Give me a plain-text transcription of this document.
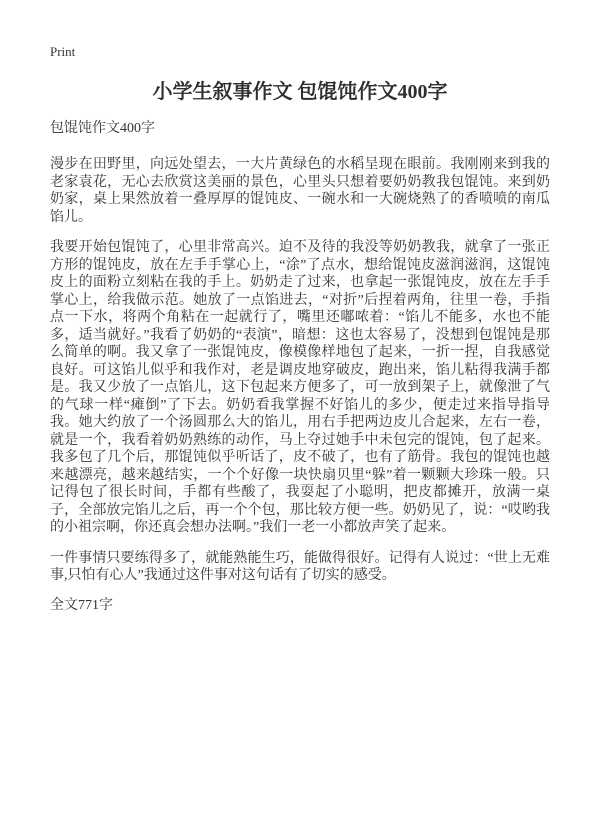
Print
小学生叙事作文 包馄饨作文400字
包馄饨作文400字

漫步在田野里，向远处望去，一大片黄绿色的水稻呈现在眼前。我刚刚来到我的老家袁花，无心去欣赏这美丽的景色，心里头只想着要奶奶教我包馄饨。来到奶奶家，桌上果然放着一叠厚厚的馄饨皮、一碗水和一大碗烧熟了的香喷喷的南瓜馅儿。

我要开始包馄饨了，心里非常高兴。迫不及待的我没等奶奶教我，就拿了一张正方形的馄饨皮，放在左手手掌心上，“涂”了点水，想给馄饨皮滋润滋润，这馄饨皮上的面粉立刻粘在我的手上。奶奶走了过来，也拿起一张馄饨皮，放在左手手掌心上，给我做示范。她放了一点馅进去，“对折”后捏着两角，往里一卷，手指点一下水，将两个角粘在一起就行了，嘴里还嘟哝着：“馅儿不能多，水也不能多，适当就好。”我看了奶奶的“表演”，暗想：这也太容易了，没想到包馄饨是那么简单的啊。我又拿了一张馄饨皮，像模像样地包了起来，一折一捏，自我感觉良好。可这馅儿似乎和我作对，老是调皮地穿破皮，跑出来，馅儿粘得我满手都是。我又少放了一点馅儿，这下包起来方便多了，可一放到架子上，就像泄了气的气球一样“瘫倒”了下去。奶奶看我掌握不好馅儿的多少，便走过来指导指导我。她大约放了一个汤圆那么大的馅儿，用右手把两边皮儿合起来，左右一卷，就是一个，我看着奶奶熟练的动作，马上夺过她手中未包完的馄饨，包了起来。我多包了几个后，那馄饨似乎听话了，皮不破了，也有了筋骨。我包的馄饨也越来越漂亮，越来越结实，一个个好像一块快扇贝里“躲”着一颗颗大珍珠一般。只记得包了很长时间，手都有些酸了，我耍起了小聪明，把皮都摊开，放满一桌子，全部放完馅儿之后，再一个个包，那比较方便一些。奶奶见了，说：“哎哟我的小祖宗啊，你还真会想办法啊。”我们一老一小都放声笑了起来。

一件事情只要练得多了，就能熟能生巧，能做得很好。记得有人说过：“世上无难事,只怕有心人”我通过这件事对这句话有了切实的感受。

全文771字
